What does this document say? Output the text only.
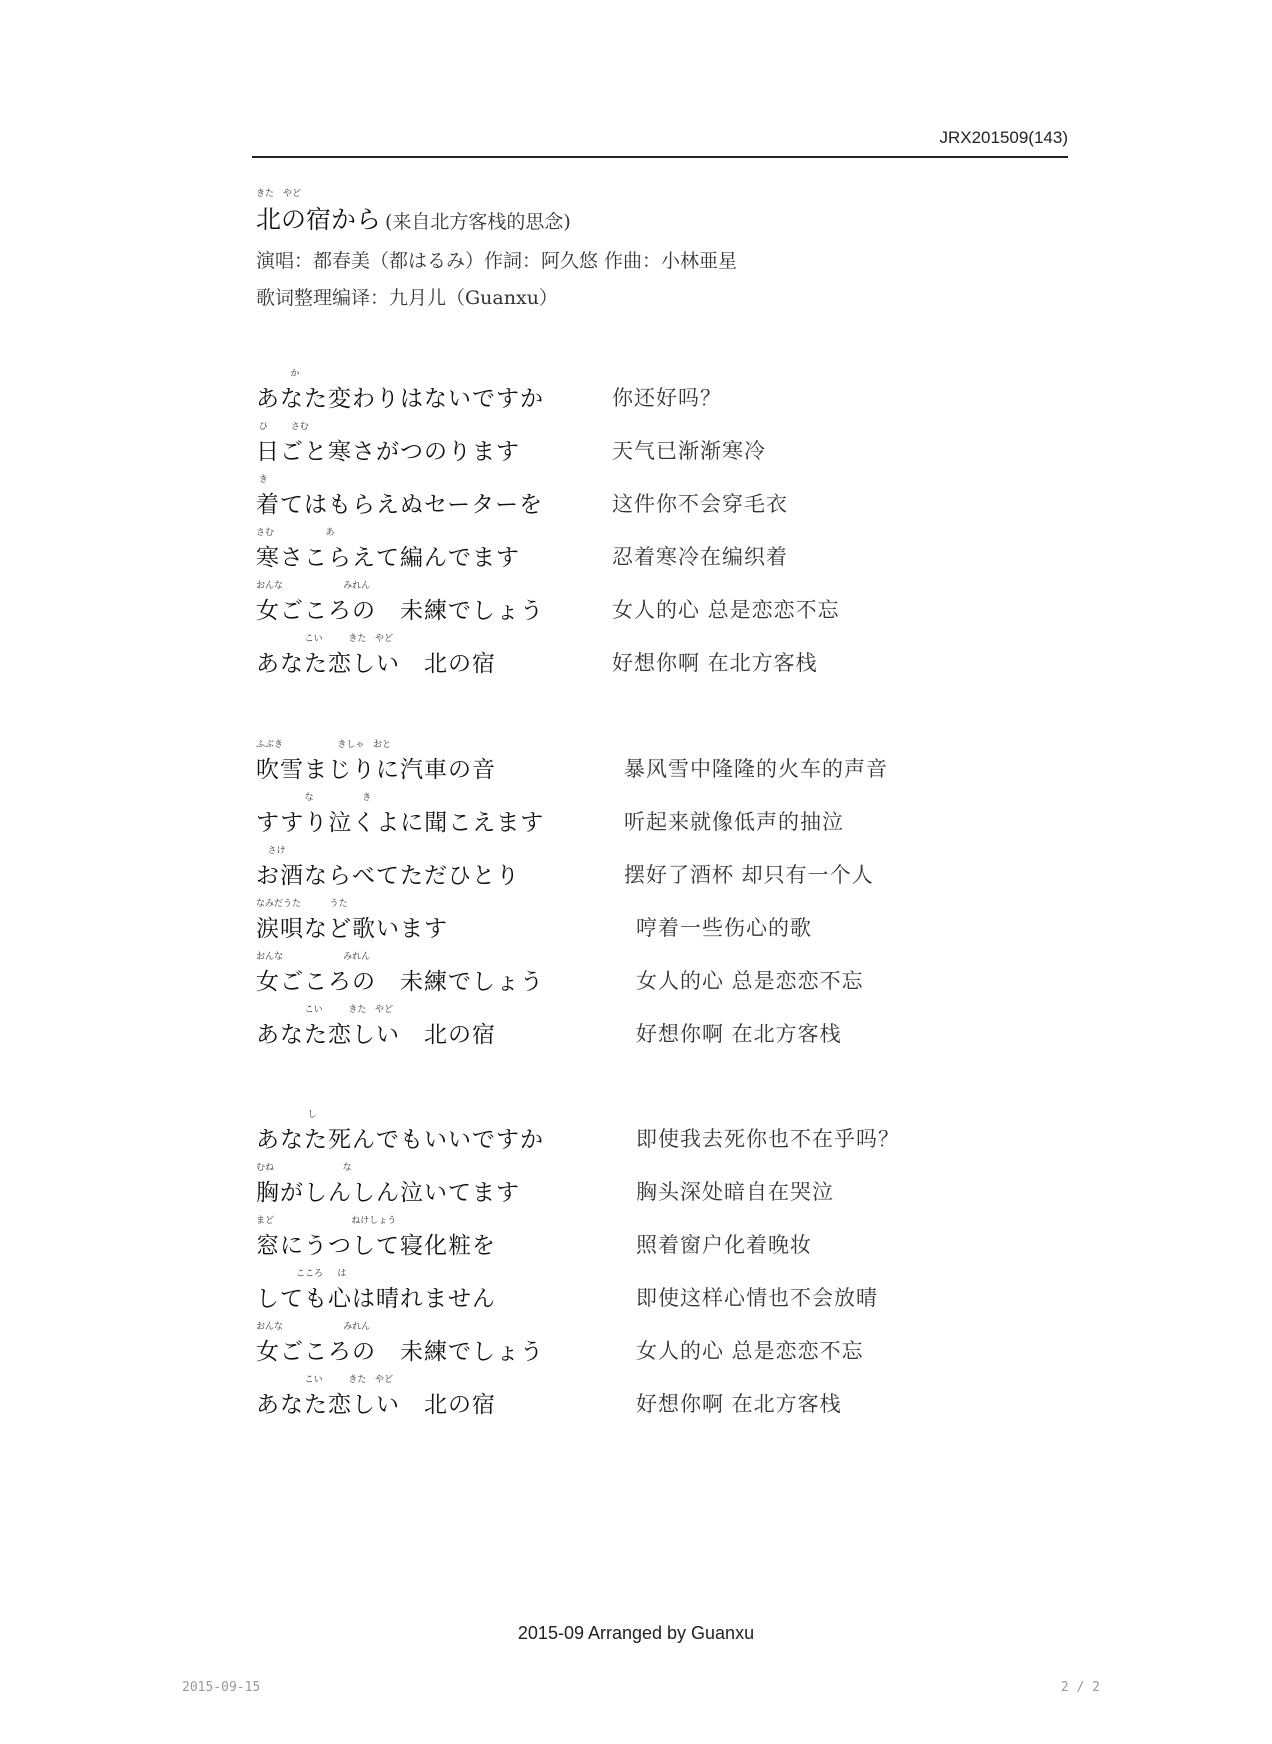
JRX201509(143)
きた　やど
北の宿から (来自北方客栈的思念)
演唱：都春美（都はるみ）作詞：阿久悠 作曲：小林亜星
歌词整理编译：九月儿（Guanxu）
か
あなた変わりはないですか	你还好吗？
ひ        さむ
日ごと寒さがつのります	天气已渐渐寒冷
き
着てはもらえぬセーターを	这件你不会穿毛衣
さむ                  あ
寒さこらえて編んでます	忍着寒冷在编织着
おんな                     みれん
女ごころの　未練でしょう	女人的心 总是恋恋不忘
こい         きた   やど
あなた恋しい　北の宿	好想你啊 在北方客栈
ふぶき                   きしゃ   おと
吹雪まじりに汽車の音	暴风雪中隆隆的火车的声音
な                 き
すすり泣くよに聞こえます	听起来就像低声的抽泣
さけ
お酒ならべてただひとり	摆好了酒杯 却只有一个人
なみだうた          うた
涙唄など歌います	哼着一些伤心的歌
おんな                     みれん
女ごころの　未練でしょう	女人的心 总是恋恋不忘
こい         きた   やど
あなた恋しい　北の宿	好想你啊 在北方客栈
し
あなた死んでもいいですか	即使我去死你也不在乎吗？
むね                        な
胸がしんしん泣いてます	胸头深处暗自在哭泣
まど                           ねけしょう
窓にうつして寝化粧を	照着窗户化着晚妆
こころ     は
しても心は晴れません	即使这样心情也不会放晴
おんな                     みれん
女ごころの　未練でしょう	女人的心 总是恋恋不忘
こい         きた   やど
あなた恋しい　北の宿	好想你啊 在北方客栈
2015-09 Arranged by Guanxu
2015-09-15	2 / 2
